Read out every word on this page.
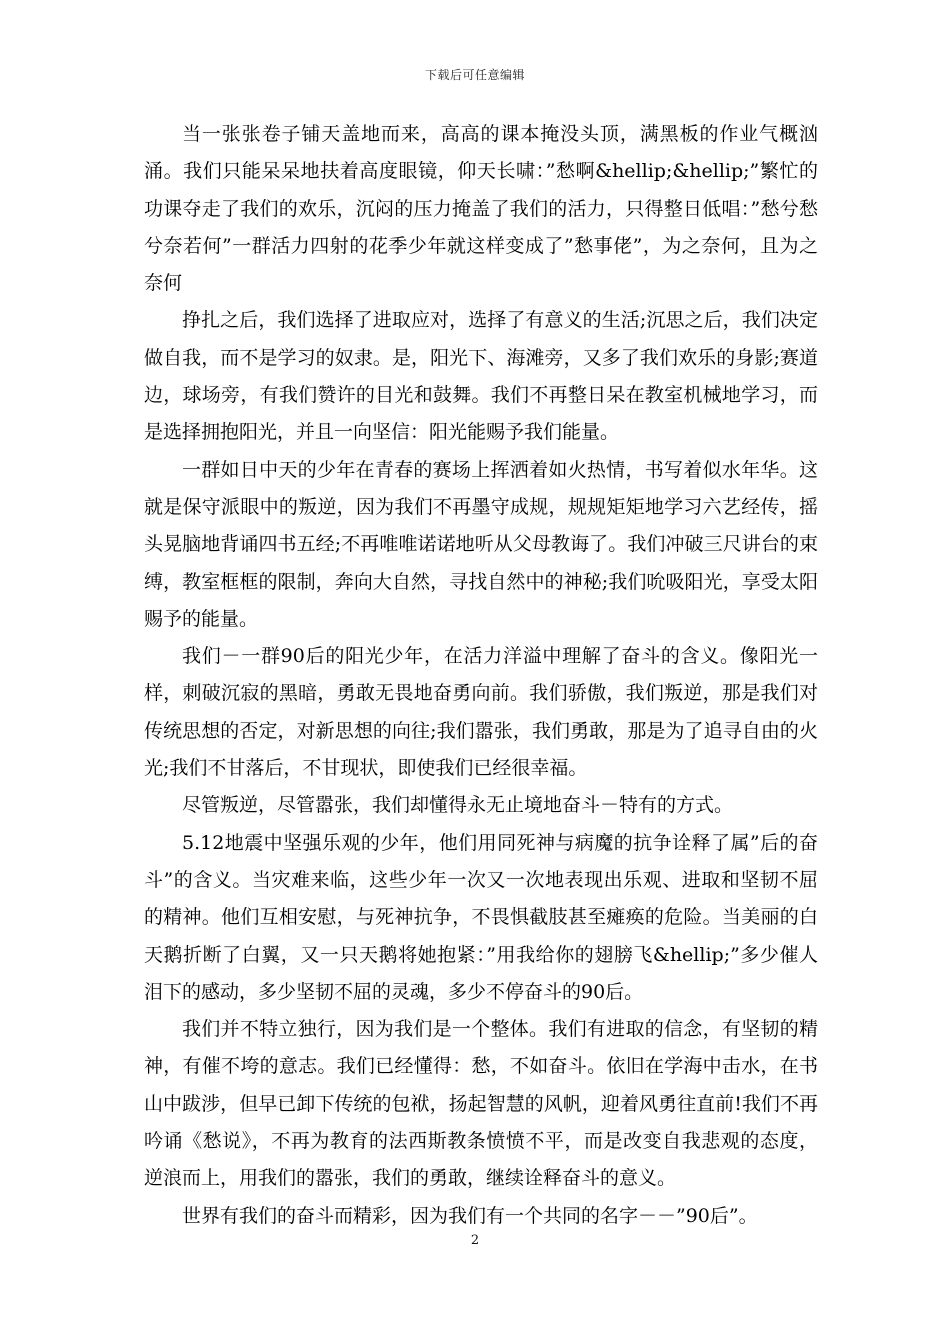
下载后可任意编辑

当一张张卷子铺天盖地而来，高高的课本掩没头顶，满黑板的作业气概汹涌。我们只能呆呆地扶着高度眼镜，仰天长啸：”愁啊&hellip;&hellip;”繁忙的功课夺走了我们的欢乐，沉闷的压力掩盖了我们的活力，只得整日低唱：”愁兮愁兮奈若何”一群活力四射的花季少年就这样变成了”愁事佬”，为之奈何，且为之奈何

挣扎之后，我们选择了进取应对，选择了有意义的生活;沉思之后，我们决定做自我，而不是学习的奴隶。是，阳光下、海滩旁，又多了我们欢乐的身影;赛道边，球场旁，有我们赞许的目光和鼓舞。我们不再整日呆在教室机械地学习，而是选择拥抱阳光，并且一向坚信：阳光能赐予我们能量。

一群如日中天的少年在青春的赛场上挥洒着如火热情，书写着似水年华。这就是保守派眼中的叛逆，因为我们不再墨守成规，规规矩矩地学习六艺经传，摇头晃脑地背诵四书五经;不再唯唯诺诺地听从父母教诲了。我们冲破三尺讲台的束缚，教室框框的限制，奔向大自然，寻找自然中的神秘;我们吮吸阳光，享受太阳赐予的能量。

我们－一群90后的阳光少年，在活力洋溢中理解了奋斗的含义。像阳光一样，刺破沉寂的黑暗，勇敢无畏地奋勇向前。我们骄傲，我们叛逆，那是我们对传统思想的否定，对新思想的向往;我们嚣张，我们勇敢，那是为了追寻自由的火光;我们不甘落后，不甘现状，即使我们已经很幸福。

尽管叛逆，尽管嚣张，我们却懂得永无止境地奋斗－特有的方式。

5.12地震中坚强乐观的少年，他们用同死神与病魔的抗争诠释了属”后的奋斗”的含义。当灾难来临，这些少年一次又一次地表现出乐观、进取和坚韧不屈的精神。他们互相安慰，与死神抗争，不畏惧截肢甚至瘫痪的危险。当美丽的白天鹅折断了白翼，又一只天鹅将她抱紧：”用我给你的翅膀飞&hellip;”多少催人泪下的感动，多少坚韧不屈的灵魂，多少不停奋斗的90后。

我们并不特立独行，因为我们是一个整体。我们有进取的信念，有坚韧的精神，有催不垮的意志。我们已经懂得：愁，不如奋斗。依旧在学海中击水，在书山中跋涉，但早已卸下传统的包袱，扬起智慧的风帆，迎着风勇往直前!我们不再吟诵《愁说》，不再为教育的法西斯教条愤愤不平，而是改变自我悲观的态度，逆浪而上，用我们的嚣张，我们的勇敢，继续诠释奋斗的意义。

世界有我们的奋斗而精彩，因为我们有一个共同的名字－－”90后”。

2
